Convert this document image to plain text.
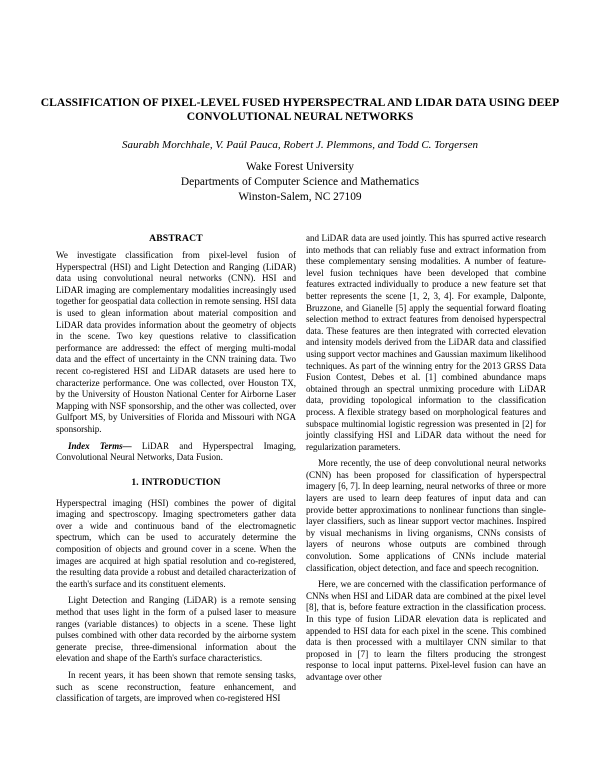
CLASSIFICATION OF PIXEL-LEVEL FUSED HYPERSPECTRAL AND LIDAR DATA USING DEEP CONVOLUTIONAL NEURAL NETWORKS
Saurabh Morchhale, V. Paúl Pauca, Robert J. Plemmons, and Todd C. Torgersen
Wake Forest University
Departments of Computer Science and Mathematics
Winston-Salem, NC 27109
ABSTRACT

We investigate classification from pixel-level fusion of Hyperspectral (HSI) and Light Detection and Ranging (LiDAR) data using convolutional neural networks (CNN). HSI and LiDAR imaging are complementary modalities increasingly used together for geospatial data collection in remote sensing. HSI data is used to glean information about material composition and LiDAR data provides information about the geometry of objects in the scene. Two key questions relative to classification performance are addressed: the effect of merging multi-modal data and the effect of uncertainty in the CNN training data. Two recent co-registered HSI and LiDAR datasets are used here to characterize performance. One was collected, over Houston TX, by the University of Houston National Center for Airborne Laser Mapping with NSF sponsorship, and the other was collected, over Gulfport MS, by Universities of Florida and Missouri with NGA sponsorship.

Index Terms— LiDAR and Hyperspectral Imaging, Convolutional Neural Networks, Data Fusion.

1. INTRODUCTION

Hyperspectral imaging (HSI) combines the power of digital imaging and spectroscopy. Imaging spectrometers gather data over a wide and continuous band of the electromagnetic spectrum, which can be used to accurately determine the composition of objects and ground cover in a scene. When the images are acquired at high spatial resolution and co-registered, the resulting data provide a robust and detailed characterization of the earth's surface and its constituent elements.

Light Detection and Ranging (LiDAR) is a remote sensing method that uses light in the form of a pulsed laser to measure ranges (variable distances) to objects in a scene. These light pulses combined with other data recorded by the airborne system generate precise, three-dimensional information about the elevation and shape of the Earth's surface characteristics.

In recent years, it has been shown that remote sensing tasks, such as scene reconstruction, feature enhancement, and classification of targets, are improved when co-registered HSI

and LiDAR data are used jointly. This has spurred active research into methods that can reliably fuse and extract information from these complementary sensing modalities. A number of feature-level fusion techniques have been developed that combine features extracted individually to produce a new feature set that better represents the scene [1, 2, 3, 4]. For example, Dalponte, Bruzzone, and Gianelle [5] apply the sequential forward floating selection method to extract features from denoised hyperspectral data. These features are then integrated with corrected elevation and intensity models derived from the LiDAR data and classified using support vector machines and Gaussian maximum likelihood techniques. As part of the winning entry for the 2013 GRSS Data Fusion Contest, Debes et al. [1] combined abundance maps obtained through an spectral unmixing procedure with LiDAR data, providing topological information to the classification process. A flexible strategy based on morphological features and subspace multinomial logistic regression was presented in [2] for jointly classifying HSI and LiDAR data without the need for regularization parameters.

More recently, the use of deep convolutional neural networks (CNN) has been proposed for classification of hyperspectral imagery [6, 7]. In deep learning, neural networks of three or more layers are used to learn deep features of input data and can provide better approximations to nonlinear functions than single-layer classifiers, such as linear support vector machines. Inspired by visual mechanisms in living organisms, CNNs consists of layers of neurons whose outputs are combined through convolution. Some applications of CNNs include material classification, object detection, and face and speech recognition.

Here, we are concerned with the classification performance of CNNs when HSI and LiDAR data are combined at the pixel level [8], that is, before feature extraction in the classification process. In this type of fusion LiDAR elevation data is replicated and appended to HSI data for each pixel in the scene. This combined data is then processed with a multilayer CNN similar to that proposed in [7] to learn the filters producing the strongest response to local input patterns. Pixel-level fusion can have an advantage over other
